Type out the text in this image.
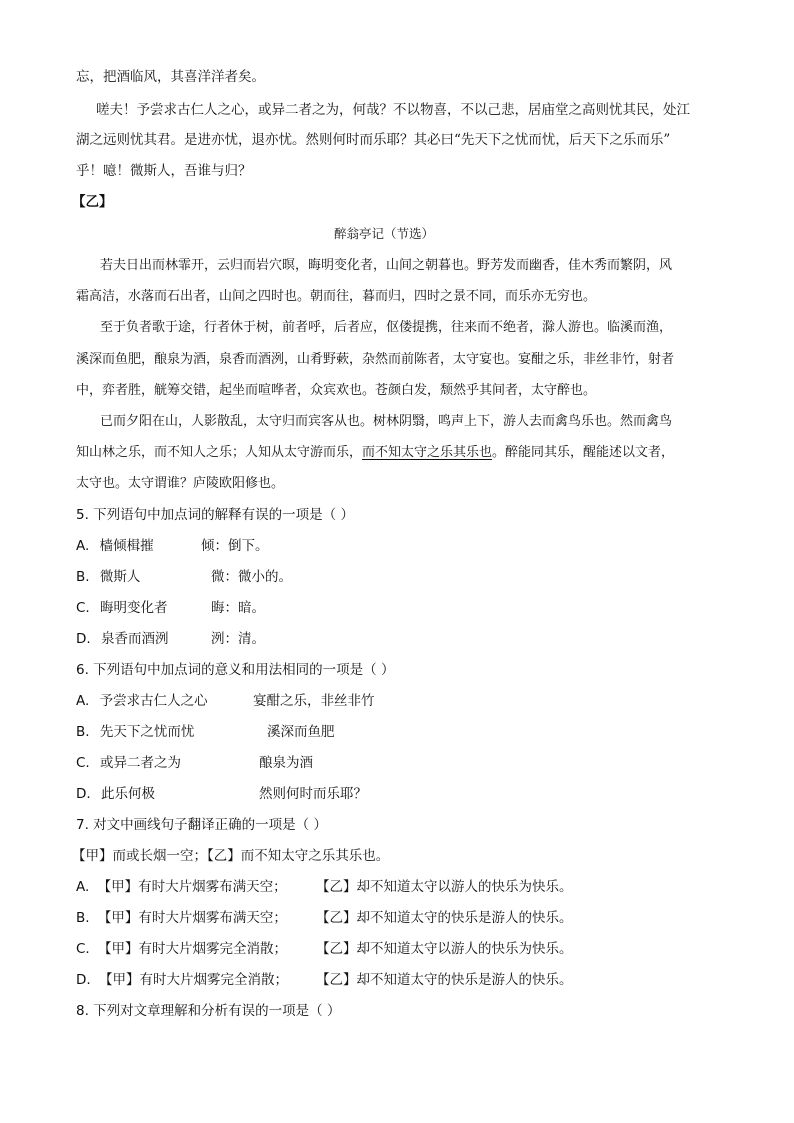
忘，把酒临风，其喜洋洋者矣。
嗟夫！予尝求古仁人之心，或异二者之为，何哉？不以物喜，不以己悲，居庙堂之高则忧其民，处江
湖之远则忧其君。是进亦忧，退亦忧。然则何时而乐耶？其必曰“先天下之忧而忧，后天下之乐而乐”
乎！噫！微斯人，吾谁与归？
【乙】
醉翁亭记（节选）
若夫日出而林霏开，云归而岩穴暝，晦明变化者，山间之朝暮也。野芳发而幽香，佳木秀而繁阴，风
霜高洁，水落而石出者，山间之四时也。朝而往，暮而归，四时之景不同，而乐亦无穷也。
至于负者歌于途，行者休于树，前者呼，后者应，伛偻提携，往来而不绝者，滁人游也。临溪而渔，
溪深而鱼肥，酿泉为酒，泉香而酒洌，山肴野蔌，杂然而前陈者，太守宴也。宴酣之乐，非丝非竹，射者
中，弈者胜，觥筹交错，起坐而喧哗者，众宾欢也。苍颜白发，颓然乎其间者，太守醉也。
已而夕阳在山，人影散乱，太守归而宾客从也。树林阴翳，鸣声上下，游人去而禽鸟乐也。然而禽鸟
知山林之乐，而不知人之乐；人知从太守游而乐，而不知太守之乐其乐也。醉能同其乐，醒能述以文者，
太守也。太守谓谁？庐陵欧阳修也。
5. 下列语句中加点词的解释有误的一项是（ ）
A. 樯倾楫摧	倾：倒下。
B. 微斯人	微：微小的。
C. 晦明变化者	晦：暗。
D. 泉香而酒洌	洌：清。
6. 下列语句中加点词的意义和用法相同的一项是（ ）
A. 予尝求古仁人之心	宴酣之乐，非丝非竹
B. 先天下之忧而忧	溪深而鱼肥
C. 或异二者之为	酿泉为酒
D. 此乐何极	然则何时而乐耶？
7. 对文中画线句子翻译正确的一项是（ ）
【甲】而或长烟一空；【乙】而不知太守之乐其乐也。
A. 【甲】有时大片烟雾布满天空； 【乙】却不知道太守以游人的快乐为快乐。
B. 【甲】有时大片烟雾布满天空； 【乙】却不知道太守的快乐是游人的快乐。
C. 【甲】有时大片烟雾完全消散； 【乙】却不知道太守以游人的快乐为快乐。
D. 【甲】有时大片烟雾完全消散； 【乙】却不知道太守的快乐是游人的快乐。
8. 下列对文章理解和分析有误的一项是（ ）
